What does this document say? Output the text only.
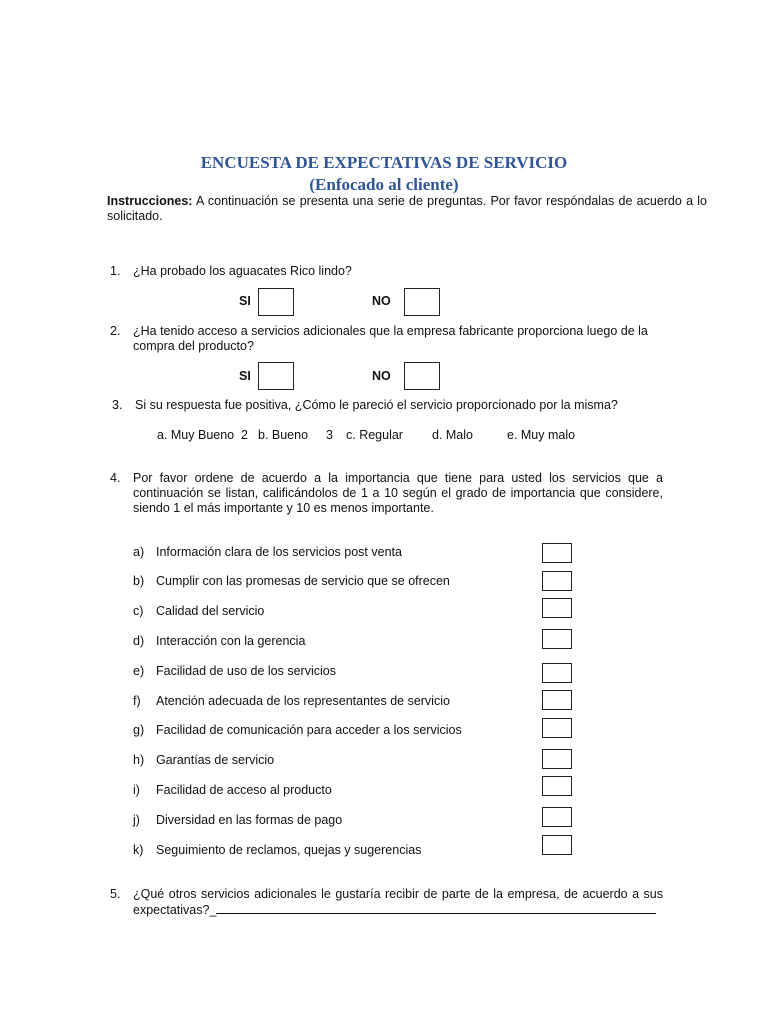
ENCUESTA DE EXPECTATIVAS DE SERVICIO
(Enfocado al cliente)
Instrucciones: A continuación se presenta una serie de preguntas. Por favor respóndalas de acuerdo a lo solicitado.
1. ¿Ha probado los aguacates Rico lindo?
SI	NO
2. ¿Ha tenido acceso a servicios adicionales que la empresa fabricante proporciona luego de la compra del producto?
SI	NO
3. Si su respuesta fue positiva, ¿Cómo le pareció el servicio proporcionado por la misma?
a. Muy Bueno 2 b. Bueno 3 c. Regular d. Malo	e. Muy malo
4. Por favor ordene de acuerdo a la importancia que tiene para usted los servicios que a continuación se listan, calificándolos de 1 a 10 según el grado de importancia que considere, siendo 1 el más importante y 10 es menos importante.
a) Información clara de los servicios post venta
b) Cumplir con las promesas de servicio que se ofrecen
c) Calidad del servicio
d) Interacción con la gerencia
e) Facilidad de uso de los servicios
f) Atención adecuada de los representantes de servicio
g) Facilidad de comunicación para acceder a los servicios
h) Garantías de servicio
i) Facilidad de acceso al producto
j) Diversidad en las formas de pago
k) Seguimiento de reclamos, quejas y sugerencias
5. ¿Qué otros servicios adicionales le gustaría recibir de parte de la empresa, de acuerdo a sus expectativas?_
